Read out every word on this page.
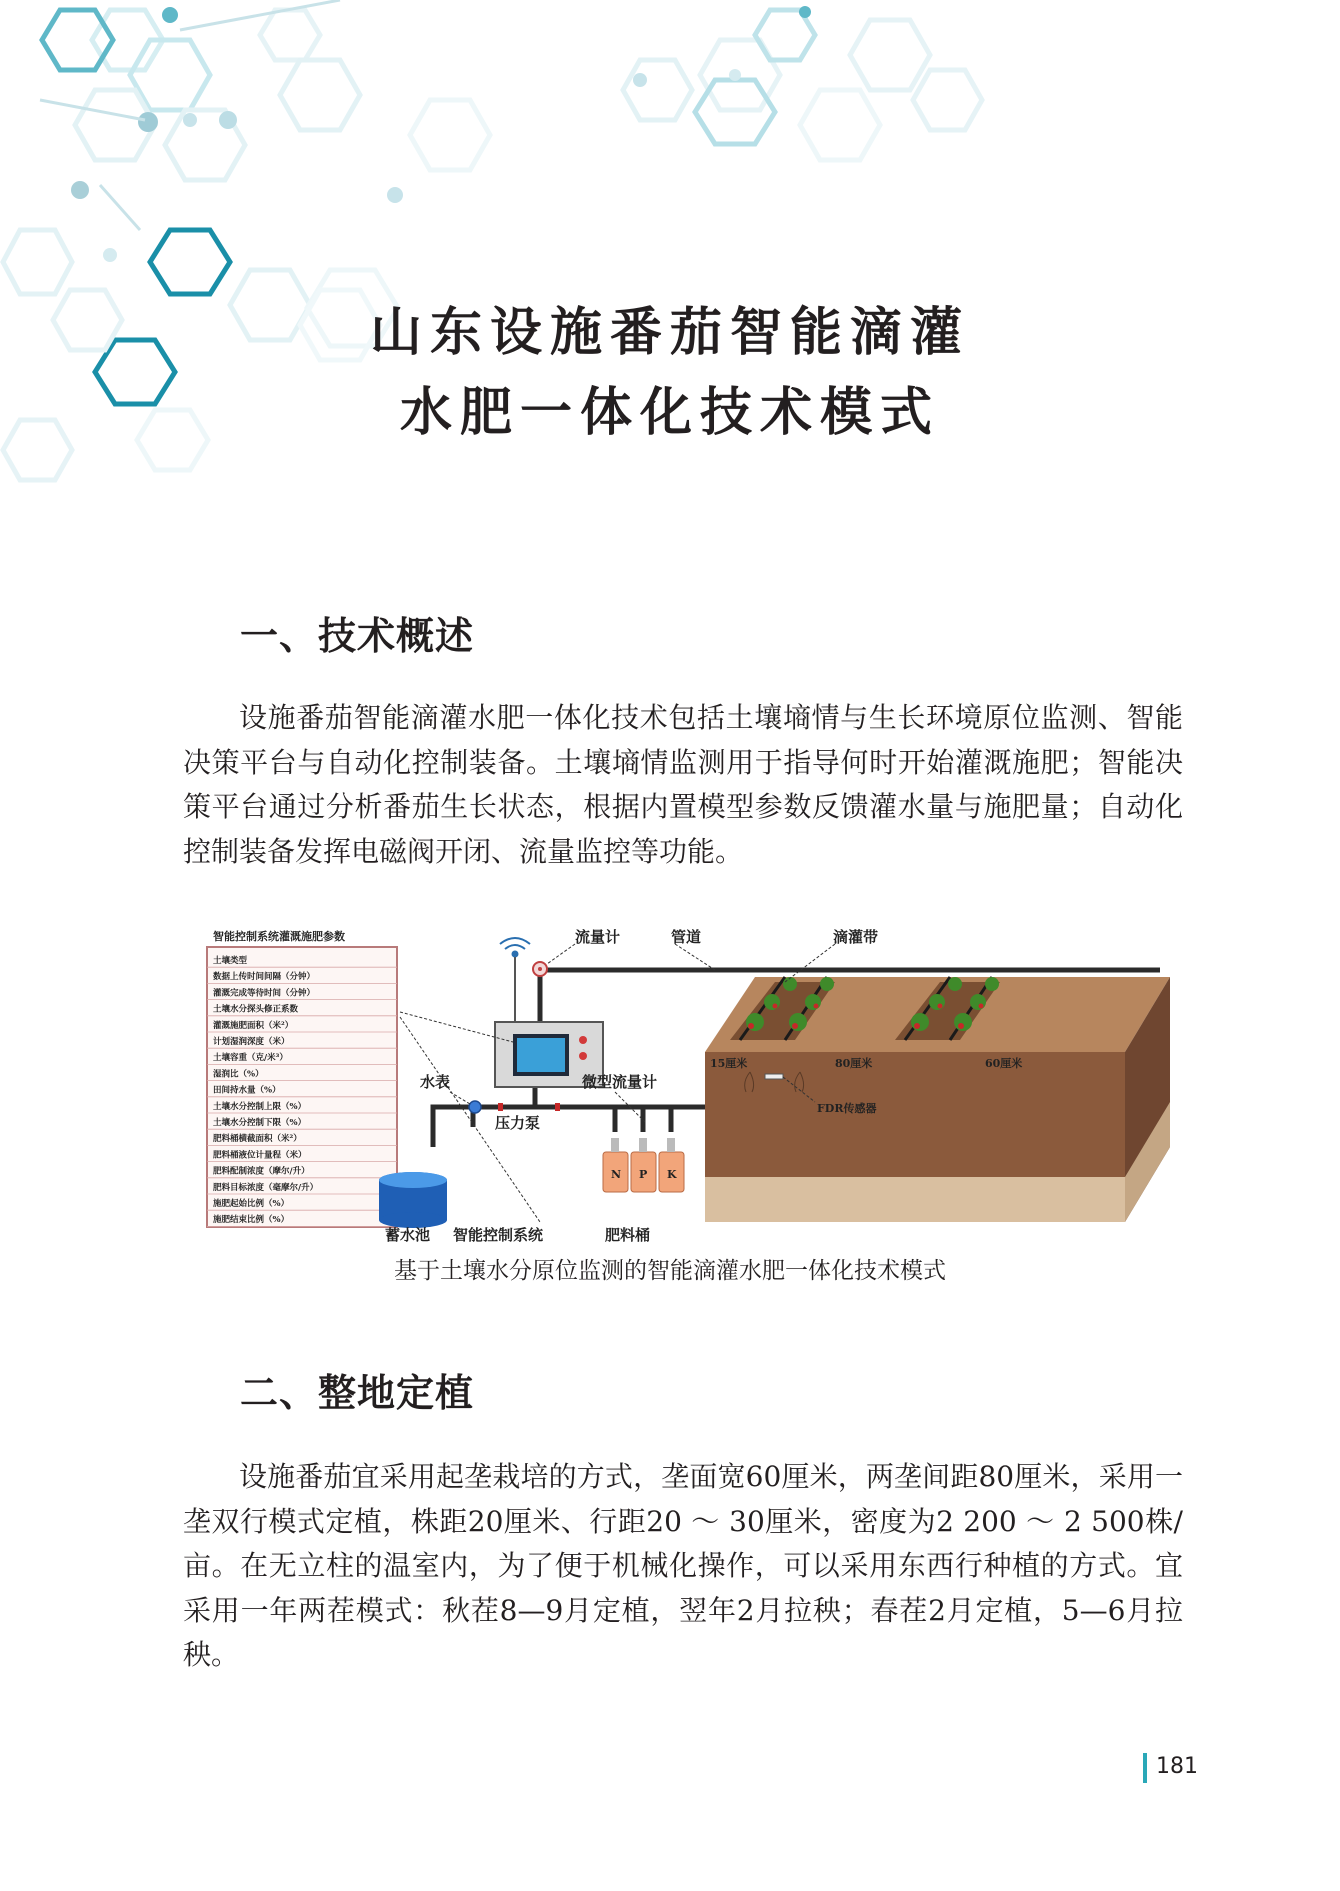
山东设施番茄智能滴灌
水肥一体化技术模式
一、技术概述

设施番茄智能滴灌水肥一体化技术包括土壤墒情与生长环境原位监测、智能决策平台与自动化控制装备。土壤墒情监测用于指导何时开始灌溉施肥；智能决策平台通过分析番茄生长状态，根据内置模型参数反馈灌水量与施肥量；自动化控制装备发挥电磁阀开闭、流量监控等功能。

智能控制系统灌溉施肥参数
土壤类型
数据上传时间间隔（分钟）
灌溉完成等待时间（分钟）
土壤水分探头修正系数
灌溉施肥面积（米²）
计划湿润深度（米）
土壤容重（克/米³）
湿润比（%）
田间持水量（%）
土壤水分控制上限（%）
土壤水分控制下限（%）
肥料桶横截面积（米²）
肥料桶液位计量程（米）
肥料配制浓度（摩尔/升）
肥料目标浓度（毫摩尔/升）
施肥起始比例（%）
施肥结束比例（%）
N P K
15厘米	80厘米	60厘米
流量计	管道	滴灌带
水表	微型流量计
压力泵
蓄水池 智能控制系统	肥料桶
FDR传感器
基于土壤水分原位监测的智能滴灌水肥一体化技术模式
二、整地定植

设施番茄宜采用起垄栽培的方式，垄面宽60厘米，两垄间距80厘米，采用一垄双行模式定植，株距20厘米、行距20 ～ 30厘米，密度为2 200 ～ 2 500株/亩。在无立柱的温室内，为了便于机械化操作，可以采用东西行种植的方式。宜采用一年两茬模式：秋茬8—9月定植，翌年2月拉秧；春茬2月定植，5—6月拉秧。

181
